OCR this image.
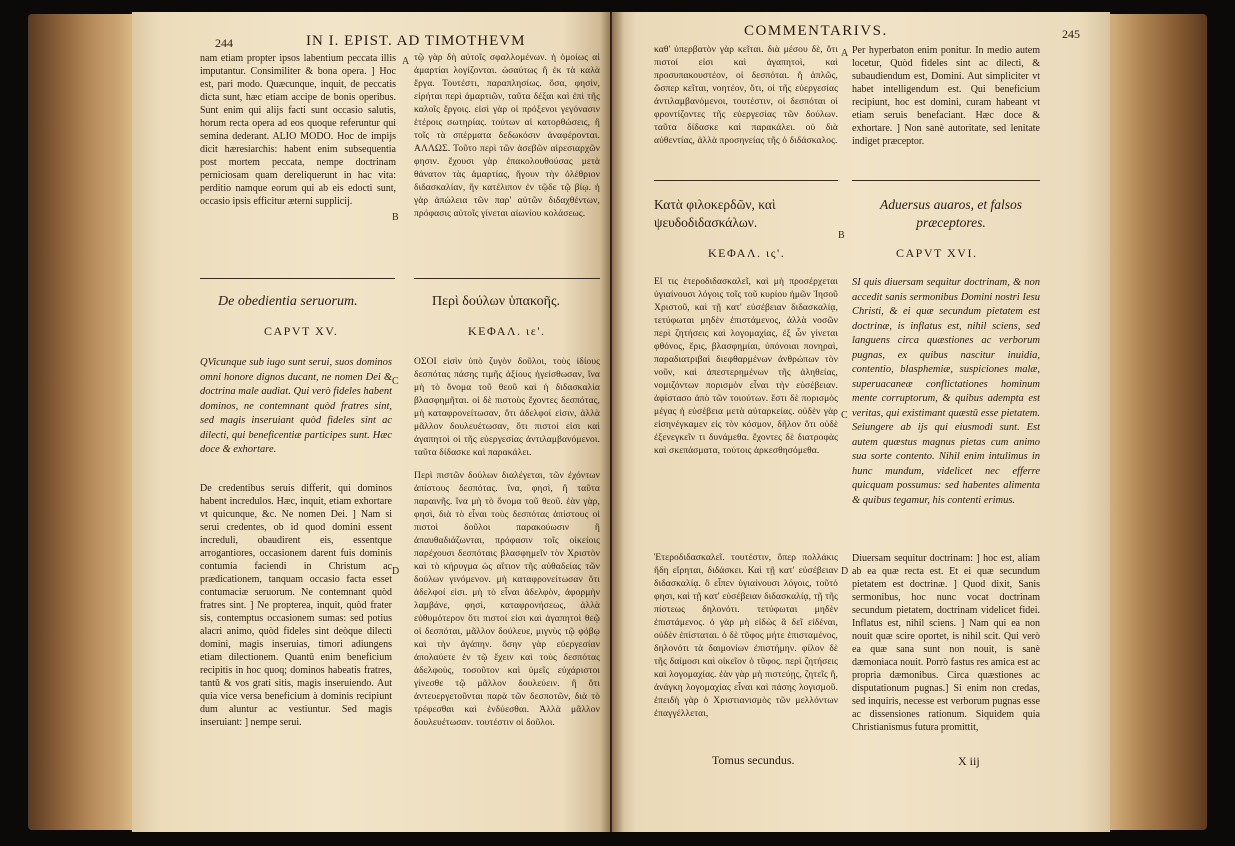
244	IN I. EPIST. AD TIMOTHEVM

nam etiam propter ipsos labentium peccata illis imputantur. Consimiliter & bona opera. ] Hoc est, pari modo. Quæcunque, inquit, de peccatis dicta sunt, hæc etiam accipe de bonis operibus. Sunt enim qui alijs facti sunt occasio salutis, horum recta opera ad eos quoque referuntur qui semina dederant. ALIO MODO. Hoc de impijs dicit hæresiarchis: habent enim subsequentia post mortem peccata, nempe doctrinam perniciosam quam dereliquerunt in hac vita: perditio namque eorum qui ab eis edocti sunt, occasio ipsis efficitur æterni supplicij.

τῷ γὰρ δὴ αὐτοῖς σφαλλομένων. ἡ ὁμοίως αἱ ἁμαρτίαι λογίζονται. ὡσαύτως ἢ ἐκ τὰ καλὰ ἔργα. Τουτέστι, παραπλησίως. ὅσα, φησὶν, εἰρήται περὶ ἁμαρτιῶν, ταῦτα δέξαι καὶ ἐπὶ τῆς καλοῖς ἔργοις. εἰσὶ γὰρ οἱ πρόξενοι γεγόνασιν ἑτέροις σωτηρίας. τούτων αἱ κατορθώσεις, ἢ τοῖς τὰ σπέρματα δεδωκόσιν ἀναφέρονται. ΑΛΛΩΣ. Τοῦτο περὶ τῶν ἀσεβῶν αἱρεσιαρχῶν φησιν. ἔχουσι γὰρ ἐπακολουθούσας μετὰ θάνατον τὰς ἁμαρτίας, ἤγουν τὴν ὀλέθριον διδασκαλίαν, ἣν κατέλιπον ἐν τῷδε τῷ βίῳ. ἡ γὰρ ἀπώλεια τῶν παρ' αὐτῶν διδαχθέντων, πρόφασις αὐτοῖς γίνεται αἰωνίου κολάσεως.

A
B
C
D
De obedientia seruorum.	Περὶ δούλων ὑπακοῆς.
CAPVT XV.	ΚΕΦΑΛ. ιε'.

QVicunque sub iugo sunt serui, suos dominos omni honore dignos ducant, ne nomen Dei & doctrina male audiat. Qui verò fideles habent dominos, ne contemnant quòd fratres sint, sed magis inseruiant quòd fideles sint ac dilecti, qui beneficentiæ participes sunt. Hæc doce & exhortare.

ΟΣΟΙ εἰσὶν ὑπὸ ζυγὸν δοῦλοι, τοὺς ἰδίους δεσπότας πάσης τιμῆς ἀξίους ἡγείσθωσαν, ἵνα μὴ τὸ ὄνομα τοῦ θεοῦ καὶ ἡ διδασκαλία βλασφημῆται. οἱ δὲ πιστοὺς ἔχοντες δεσπότας, μὴ καταφρονείτωσαν, ὅτι ἀδελφοί εἰσιν, ἀλλὰ μᾶλλον δουλευέτωσαν, ὅτι πιστοί εἰσι καὶ ἀγαπητοὶ οἱ τῆς εὐεργεσίας ἀντιλαμβανόμενοι. ταῦτα δίδασκε καὶ παρακάλει.

De credentibus seruis differit, qui dominos habent incredulos. Hæc, inquit, etiam exhortare vt quicunque, &c. Ne nomen Dei. ] Nam si serui credentes, ob id quod domini essent increduli, obaudirent eis, essentque arrogantiores, occasionem darent fuis dominis contumia faciendi in Christum ac prædicationem, tanquam occasio facta esset contumaciæ seruorum. Ne contemnant quòd fratres sint. ] Ne propterea, inquit, quòd frater sis, contemptus occasionem sumas: sed potius alacri animo, quòd fideles sint deòque dilecti domini, magis inseruias, timori adiungens etiam dilectionem. Quantū enim beneficium recipitis in hoc quoq; dominos habeatis fratres, tantū & vos grati sitis, magis inseruiendo. Aut quia vice versa beneficium à dominis recipiunt dum aluntur ac vestiuntur. Sed magis inseruiant: ] nempe serui.

Περὶ πιστῶν δούλων διαλέγεται, τῶν ἐχόντων ἀπίστους δεσπότας. ἵνα, φησὶ, ἢ ταῦτα παραινῆς. ἵνα μὴ τὸ ὄνομα τοῦ θεοῦ. ἐὰν γὰρ, φησὶ, διὰ τὸ εἶναι τοὺς δεσπότας ἀπίστους οἱ πιστοὶ δοῦλοι παρακούωσιν ἢ ἀπαυθαδιάζωνται, πρόφασιν τοῖς οἰκείοις παρέχουσι δεσπόταις βλασφημεῖν τὸν Χριστὸν καὶ τὸ κήρυγμα ὡς αἴτιον τῆς αὐθαδείας τῶν δούλων γινόμενον. μὴ καταφρονείτωσαν ὅτι ἀδελφοί εἰσι. μὴ τὸ εἶναι ἀδελφὸν, ἀφορμὴν λαμβάνε, φησὶ, καταφρονήσεως, ἀλλὰ εὐθυμότερον ὅτι πιστοί εἰσι καὶ ἀγαπητοὶ θεῷ οἱ δεσπόται, μᾶλλον δούλευε, μιγνὺς τῷ φόβῳ καὶ τὴν ἀγάπην. ὅσην γὰρ εὐεργεσίαν ἀπολαύετε ἐν τῷ ἔχειν καὶ τοὺς δεσπότας ἀδελφοὺς, τοσοῦτον καὶ ὑμεῖς εὐχάριστοι γίνεσθε τῷ μᾶλλον δουλεύειν. ἢ ὅτι ἀντευεργετοῦνται παρὰ τῶν δεσποτῶν, διὰ τὸ τρέφεσθαι καὶ ἐνδύεσθαι. Ἀλλὰ μᾶλλον δουλευέτωσαν. τουτέστιν οἱ δοῦλοι.

COMMENTARIVS.	245

καθ' ὑπερβατὸν γὰρ κεῖται. διὰ μέσου δὲ, ὅτι πιστοί εἰσι καὶ ἀγαπητοὶ, καὶ προσυπακουστέον, οἱ δεσπόται. ἢ ἁπλῶς, ὥσπερ κεῖται, νοητέον, ὅτι, οἱ τῆς εὐεργεσίας ἀντιλαμβανόμενοι, τουτέστιν, οἱ δεσπόται οἱ φροντίζοντες τῆς εὐεργεσίας τῶν δούλων. ταῦτα δίδασκε καὶ παρακάλει. οὐ διὰ αὐθεντίας, ἀλλὰ προσηνείας τῆς ὁ διδάσκαλος.

Per hyperbaton enim ponitur. In medio autem locetur, Quòd fideles sint ac dilecti, & subaudiendum est, Domini. Aut simpliciter vt habet intelligendum est. Qui beneficium recipiunt, hoc est domini, curam habeant vt etiam seruis benefaciant. Hæc doce & exhortare. ] Non sanè autoritate, sed lenitate indiget præceptor.

A
B
C
D
Κατὰ φιλοκερδῶν, καὶ ψευδοδιδασκάλων.
Aduersus auaros, et falsos præceptores.
ΚΕΦΑΛ. ις'.	CAPVT XVI.

Εἴ τις ἑτεροδιδασκαλεῖ, καὶ μὴ προσέρχεται ὑγιαίνουσι λόγοις τοῖς τοῦ κυρίου ἡμῶν Ἰησοῦ Χριστοῦ, καὶ τῇ κατ' εὐσέβειαν διδασκαλίᾳ, τετύφωται μηδὲν ἐπιστάμενος, ἀλλὰ νοσῶν περὶ ζητήσεις καὶ λογομαχίας, ἐξ ὧν γίνεται φθόνος, ἔρις, βλασφημίαι, ὑπόνοιαι πονηραὶ, παραδιατριβαὶ διεφθαρμένων ἀνθρώπων τὸν νοῦν, καὶ ἀπεστερημένων τῆς ἀληθείας, νομιζόντων πορισμὸν εἶναι τὴν εὐσέβειαν. ἀφίστασο ἀπὸ τῶν τοιούτων. ἔστι δὲ πορισμὸς μέγας ἡ εὐσέβεια μετὰ αὐταρκείας. οὐδὲν γὰρ εἰσηνέγκαμεν εἰς τὸν κόσμον, δῆλον ὅτι οὐδὲ ἐξενεγκεῖν τι δυνάμεθα. ἔχοντες δὲ διατροφὰς καὶ σκεπάσματα, τούτοις ἀρκεσθησόμεθα.

SI quis diuersam sequitur doctrinam, & non accedit sanis sermonibus Domini nostri Iesu Christi, & ei quæ secundum pietatem est doctrinæ, is inflatus est, nihil sciens, sed languens circa quæstiones ac verborum pugnas, ex quibus nascitur inuidia, contentio, blasphemiæ, suspiciones malæ, superuacaneæ conflictationes hominum mente corruptorum, & quibus adempta est veritas, qui existimant quæstū esse pietatem. Seiungere ab ijs qui eiusmodi sunt. Est autem quæstus magnus pietas cum animo sua sorte contento. Nihil enim intulimus in hunc mundum, videlicet nec efferre quicquam possumus: sed habentes alimenta & quibus tegamur, his contenti erimus.

Ἑτεροδιδασκαλεῖ. τουτέστιν, ὅπερ πολλάκις ἤδη εἴρηται, διδάσκει. Καὶ τῇ κατ' εὐσέβειαν διδασκαλίᾳ. ὃ εἶπεν ὑγιαίνουσι λόγοις, τοῦτό φησι, καὶ τῇ κατ' εὐσέβειαν διδασκαλίᾳ, τῇ τῆς πίστεως δηλονότι. τετύφωται μηδὲν ἐπιστάμενος. ὁ γὰρ μὴ εἰδὼς ἃ δεῖ εἰδέναι, οὐδὲν ἐπίσταται. ὁ δὲ τῦφος μήτε ἐπισταμένος, δηλονότι τὰ δαιμονίων ἐπιστήμην. φίλον δὲ τῆς δαίμοσι καὶ οἰκεῖον ὁ τῦφος. περὶ ζητήσεις καὶ λογομαχίας. ἐὰν γὰρ μὴ πιστεύῃς, ζητεῖς ἢ, ἀνάγκη λογομαχίας εἶναι καὶ πάσης λογισμοῦ. ἐπειδὴ γὰρ ὁ Χριστιανισμὸς τῶν μελλόντων ἐπαγγέλλεται,

Diuersam sequitur doctrinam: ] hoc est, aliam ab ea quæ recta est. Et ei quæ secundum pietatem est doctrinæ. ] Quod dixit, Sanis sermonibus, hoc nunc vocat doctrinam secundum pietatem, doctrinam videlicet fidei. Inflatus est, nihil sciens. ] Nam qui ea non nouit quæ scire oportet, is nihil scit. Qui verò ea quæ sana sunt non nouit, is sanè dæmoniaca nouit. Porrò fastus res amica est ac propria dæmonibus. Circa quæstiones ac disputationum pugnas.] Si enim non credas, sed inquiris, necesse est verborum pugnas esse ac dissensiones rationum. Siquidem quia Christianismus futura promittit,

Tomus secundus.	X iij
